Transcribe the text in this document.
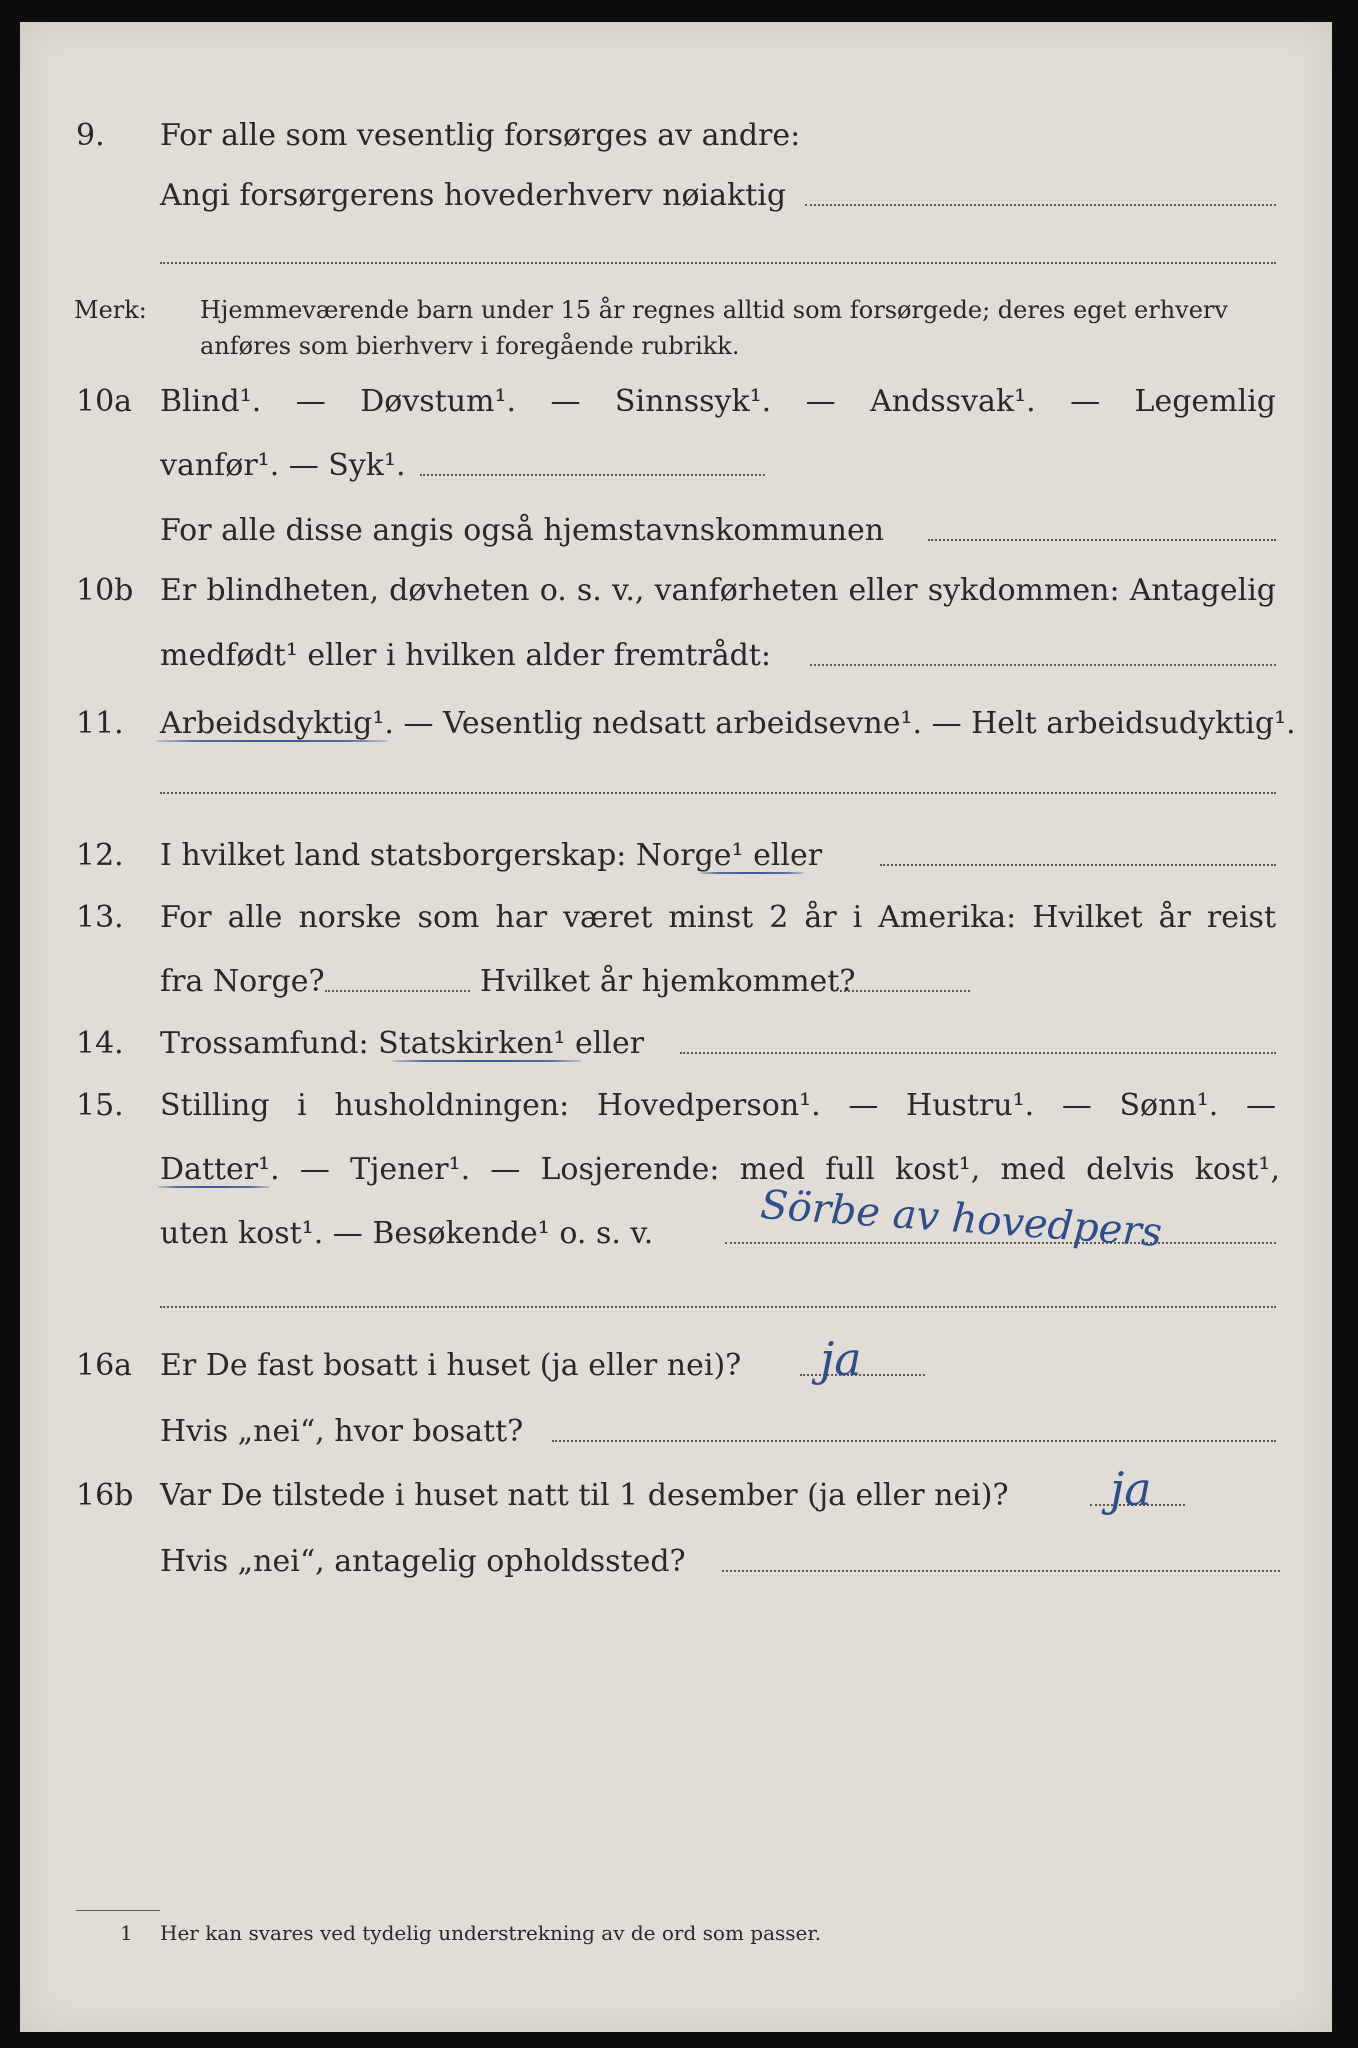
9. For alle som vesentlig forsørges av andre:
Angi forsørgerens hovederhverv nøiaktig
Merk: Hjemmeværende barn under 15 år regnes alltid som forsørgede; deres eget erhverv
anføres som bierhverv i foregående rubrikk.
10a Blind¹. — Døvstum¹. — Sinnssyk¹. — Andssvak¹. — Legemlig
vanfør¹. — Syk¹.
For alle disse angis også hjemstavnskommunen
10b Er blindheten, døvheten o. s. v., vanførheten eller sykdommen: Antagelig
medfødt¹ eller i hvilken alder fremtrådt:
11. Arbeidsdyktig¹. — Vesentlig nedsatt arbeidsevne¹. — Helt arbeidsudyktig¹.
12. I hvilket land statsborgerskap: Norge¹ eller
13. For alle norske som har været minst 2 år i Amerika: Hvilket år reist
fra Norge?	Hvilket år hjemkommet?
14. Trossamfund: Statskirken¹ eller
15. Stilling i husholdningen: Hovedperson¹. — Hustru¹. — Sønn¹. —
Datter¹. — Tjener¹. — Losjerende: med full kost¹, med delvis kost¹,
uten kost¹. — Besøkende¹ o. s. v.	Sörbe av hovedpers
16a Er De fast bosatt i huset (ja eller nei)? ja
Hvis „nei“, hvor bosatt?
16b Var De tilstede i huset natt til 1 desember (ja eller nei)? ja
Hvis „nei“, antagelig opholdssted?
1 Her kan svares ved tydelig understrekning av de ord som passer.
